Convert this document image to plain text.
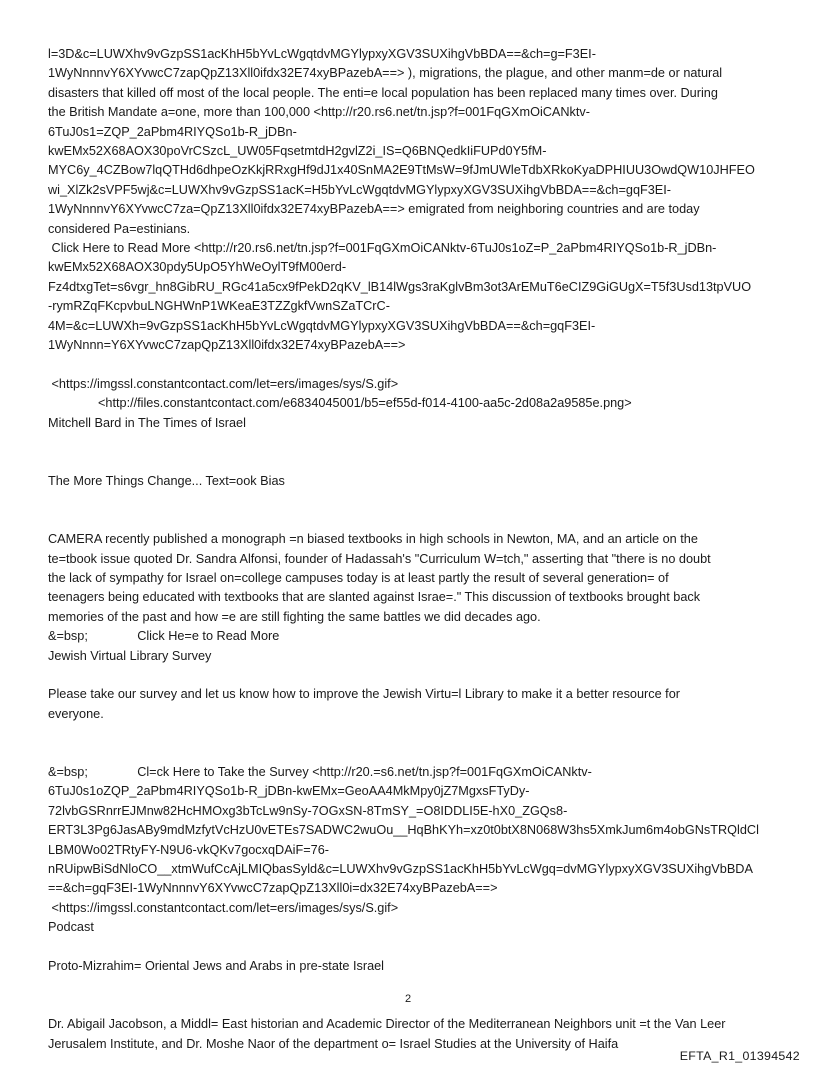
l=3D&c=LUWXhv9vGzpSS1acKhH5bYvLcWgqtdvMGYlypxyXGV3SUXihgVbBDA==&ch=g=F3EI-
1WyNnnnvY6XYvwcC7zapQpZ13Xll0ifdx32E74xyBPazebA==> ), migrations, the plague, and other manm=de or natural
disasters that killed off most of the local people. The enti=e local population has been replaced many times over. During
the British Mandate a=one, more than 100,000 <http://r20.rs6.net/tn.jsp?f=001FqGXmOiCANktv-
6TuJ0s1=ZQP_2aPbm4RIYQSo1b-R_jDBn-
kwEMx52X68AOX30poVrCSzcL_UW05FqsetmtdH2gvlZ2i_IS=Q6BNQedkIiFUPd0Y5fM-
MYC6y_4CZBow7lqQTHd6dhpeOzKkjRRxgHf9dJ1x40SnMA2E9TtMsW=9fJmUWleTdbXRkoKyaDPHIUU3OwdQW10JHFEO
wi_XlZk2sVPF5wj&c=LUWXhv9vGzpSS1acK=H5bYvLcWgqtdvMGYlypxyXGV3SUXihgVbBDA==&ch=gqF3EI-
1WyNnnnvY6XYvwcC7za=QpZ13Xll0ifdx32E74xyBPazebA==> emigrated from neighboring countries and are today
considered Pa=estinians.
Click Here to Read More <http://r20.rs6.net/tn.jsp?f=001FqGXmOiCANktv-6TuJ0s1oZ=P_2aPbm4RIYQSo1b-R_jDBn-
kwEMx52X68AOX30pdy5UpO5YhWeOylT9fM00erd-
Fz4dtxgTet=s6vgr_hn8GibRU_RGc41a5cx9fPekD2qKV_lB14lWgs3raKglvBm3ot3ArEMuT6eCIZ9GiGUgX=T5f3Usd13tpVUO
-rymRZqFKcpvbuLNGHWnP1WKeaE3TZZgkfVwnSZaTCrC-
4M=&c=LUWXh=9vGzpSS1acKhH5bYvLcWgqtdvMGYlypxyXGV3SUXihgVbBDA==&ch=gqF3EI-
1WyNnnn=Y6XYvwcC7zapQpZ13Xll0ifdx32E74xyBPazebA==>
<https://imgssl.constantcontact.com/let=ers/images/sys/S.gif>
<http://files.constantcontact.com/e6834045001/b5=ef55d-f014-4100-aa5c-2d08a2a9585e.png>
Mitchell Bard in The Times of Israel
The More Things Change... Text=ook Bias
CAMERA recently published a monograph =n biased textbooks in high schools in Newton, MA, and an article on the
te=tbook issue quoted Dr. Sandra Alfonsi, founder of Hadassah's "Curriculum W=tch," asserting that "there is no doubt
the lack of sympathy for Israel on=college campuses today is at least partly the result of several generation= of
teenagers being educated with textbooks that are slanted against Israe=." This discussion of textbooks brought back
memories of the past and how =e are still fighting the same battles we did decades ago.
&=bsp;              Click He=e to Read More
Jewish Virtual Library Survey
Please take our survey and let us know how to improve the Jewish Virtu=l Library to make it a better resource for
everyone.
&=bsp;              Cl=ck Here to Take the Survey <http://r20.=s6.net/tn.jsp?f=001FqGXmOiCANktv-
6TuJ0s1oZQP_2aPbm4RIYQSo1b-R_jDBn-kwEMx=GeoAA4MkMpy0jZ7MgxsFTyDy-
72lvbGSRnrrEJMnw82HcHMOxg3bTcLw9nSy-7OGxSN-8TmSY_=O8IDDLI5E-hX0_ZGQs8-
ERT3L3Pg6JasABy9mdMzfytVcHzU0vETEs7SADWC2wuOu__HqBhKYh=xz0t0btX8N068W3hs5XmkJum6m4obGNsTRQldCl
LBM0Wo02TRtyFY-N9U6-vkQKv7gocxqDAiF=76-
nRUipwBiSdNloCO__xtmWufCcAjLMIQbasSyld&c=LUWXhv9vGzpSS1acKhH5bYvLcWgq=dvMGYlypxyXGV3SUXihgVbBDA
==&ch=gqF3EI-1WyNnnnvY6XYvwcC7zapQpZ13Xll0i=dx32E74xyBPazebA==>
<https://imgssl.constantcontact.com/let=ers/images/sys/S.gif>
Podcast
Proto-Mizrahim= Oriental Jews and Arabs in pre-state Israel
Dr. Abigail Jacobson, a Middl= East historian and Academic Director of the Mediterranean Neighbors unit =t the Van Leer
Jerusalem Institute, and Dr. Moshe Naor of the department o= Israel Studies at the University of Haifa
2
EFTA_R1_01394542
